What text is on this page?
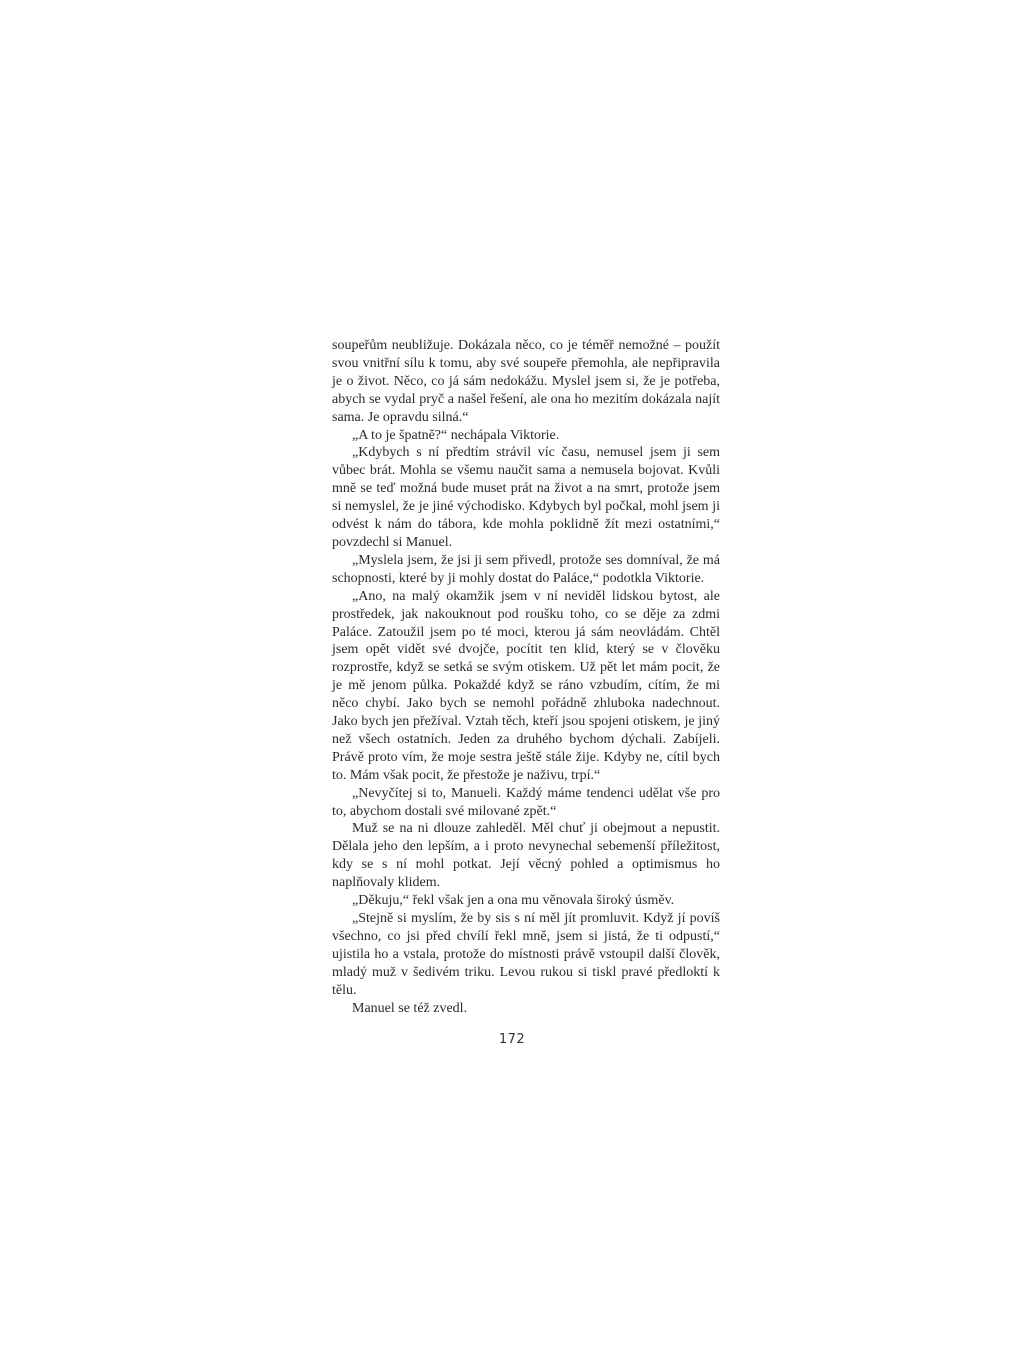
soupeřům neubližuje. Dokázala něco, co je téměř nemožné – použít svou vnitřní sílu k tomu, aby své soupeře přemohla, ale nepřipravila je o život. Něco, co já sám nedokážu. Myslel jsem si, že je potřeba, abych se vydal pryč a našel řešení, ale ona ho mezitím dokázala najít sama. Je opravdu silná.“

„A to je špatně?“ nechápala Viktorie.

„Kdybych s ní předtím strávil víc času, nemusel jsem ji sem vůbec brát. Mohla se všemu naučit sama a nemusela bojovat. Kvůli mně se teď možná bude muset prát na život a na smrt, protože jsem si nemyslel, že je jiné východisko. Kdybych byl počkal, mohl jsem ji odvést k nám do tábora, kde mohla poklidně žít mezi ostatními,“ povzdechl si Manuel.

„Myslela jsem, že jsi ji sem přivedl, protože ses domníval, že má schopnosti, které by ji mohly dostat do Paláce,“ podotkla Viktorie.

„Ano, na malý okamžik jsem v ní neviděl lidskou bytost, ale prostředek, jak nakouknout pod roušku toho, co se děje za zdmi Paláce. Zatoužil jsem po té moci, kterou já sám neovládám. Chtěl jsem opět vidět své dvojče, pocítit ten klid, který se v člověku rozprostře, když se setká se svým otiskem. Už pět let mám pocit, že je mě jenom půlka. Pokaždé když se ráno vzbudím, cítím, že mi něco chybí. Jako bych se nemohl pořádně zhluboka nadechnout. Jako bych jen přežíval. Vztah těch, kteří jsou spojeni otiskem, je jiný než všech ostatních. Jeden za druhého bychom dýchali. Zabíjeli. Právě proto vím, že moje sestra ještě stále žije. Kdyby ne, cítil bych to. Mám však pocit, že přestože je naživu, trpí.“

„Nevyčítej si to, Manueli. Každý máme tendenci udělat vše pro to, abychom dostali své milované zpět.“

Muž se na ni dlouze zahleděl. Měl chuť ji obejmout a nepustit. Dělala jeho den lepším, a i proto nevynechal sebemenší příležitost, kdy se s ní mohl potkat. Její věcný pohled a optimismus ho naplňovaly klidem.

„Děkuju,“ řekl však jen a ona mu věnovala široký úsměv.

„Stejně si myslím, že by sis s ní měl jít promluvit. Když jí povíš všechno, co jsi před chvílí řekl mně, jsem si jistá, že ti odpustí,“ ujistila ho a vstala, protože do místnosti právě vstoupil další člověk, mladý muž v šedivém triku. Levou rukou si tiskl pravé předloktí k tělu.

Manuel se též zvedl.

172
